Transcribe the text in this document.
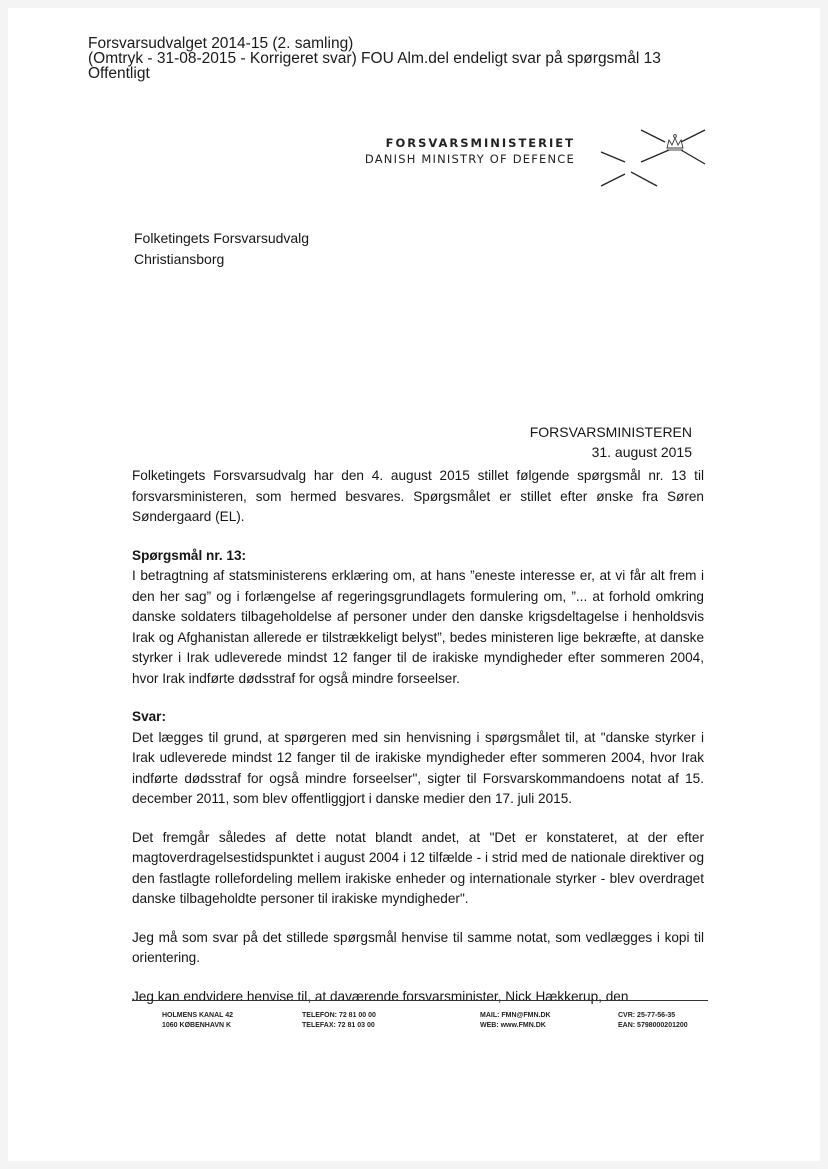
Forsvarsudvalget 2014-15 (2. samling)
(Omtryk - 31-08-2015 - Korrigeret svar) FOU Alm.del endeligt svar på spørgsmål 13
Offentligt
FORSVARSMINISTERIET
DANISH MINISTRY OF DEFENCE
Folketingets Forsvarsudvalg
Christiansborg
FORSVARSMINISTEREN
31. august 2015

Folketingets Forsvarsudvalg har den 4. august 2015 stillet følgende spørgsmål nr. 13 til forsvarsministeren, som hermed besvares. Spørgsmålet er stillet efter ønske fra Søren Søndergaard (EL).

Spørgsmål nr. 13:

I betragtning af statsministerens erklæring om, at hans ”eneste interesse er, at vi får alt frem i den her sag” og i forlængelse af regeringsgrundlagets formulering om, ”... at forhold omkring danske soldaters tilbageholdelse af personer under den danske krigsdeltagelse i henholdsvis Irak og Afghanistan allerede er tilstrækkeligt belyst”, bedes ministeren lige bekræfte, at danske styrker i Irak udleverede mindst 12 fanger til de irakiske myndigheder efter sommeren 2004, hvor Irak indførte dødsstraf for også mindre forseelser.

Svar:

Det lægges til grund, at spørgeren med sin henvisning i spørgsmålet til, at "danske styrker i Irak udleverede mindst 12 fanger til de irakiske myndigheder efter sommeren 2004, hvor Irak indførte dødsstraf for også mindre forseelser", sigter til Forsvarskommandoens notat af 15. december 2011, som blev offentliggjort i danske medier den 17. juli 2015.

Det fremgår således af dette notat blandt andet, at "Det er konstateret, at der efter magtoverdragelsestidspunktet i august 2004 i 12 tilfælde - i strid med de nationale direktiver og den fastlagte rollefordeling mellem irakiske enheder og internationale styrker - blev overdraget danske tilbageholdte personer til irakiske myndigheder".

Jeg må som svar på det stillede spørgsmål henvise til samme notat, som vedlægges i kopi til orientering.

Jeg kan endvidere henvise til, at daværende forsvarsminister, Nick Hækkerup, den

HOLMENS KANAL 42
1060 KØBENHAVN K
TELEFON: 72 81 00 00
TELEFAX: 72 81 03 00
MAIL: FMN@FMN.DK
WEB: www.FMN.DK
CVR: 25-77-56-35
EAN: 5798000201200
